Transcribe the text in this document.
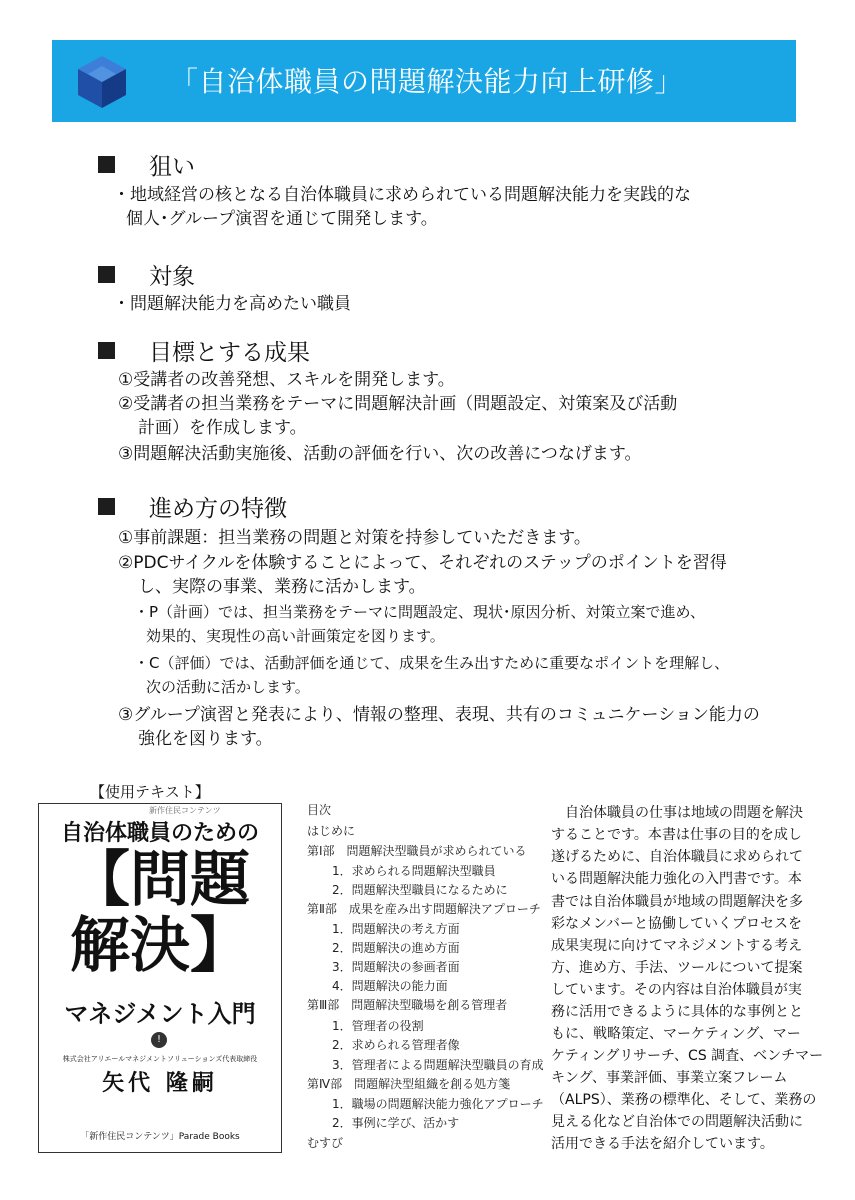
「自治体職員の問題解決能力向上研修」
狙い
対象
目標とする成果
進め方の特徴
・地域経営の核となる自治体職員に求められている問題解決能力を実践的な
個人･グループ演習を通じて開発します。
・問題解決能力を高めたい職員
①受講者の改善発想、スキルを開発します。
②受講者の担当業務をテーマに問題解決計画（問題設定、対策案及び活動
計画）を作成します。
③問題解決活動実施後、活動の評価を行い、次の改善につなげます。
①事前課題：担当業務の問題と対策を持参していただきます。
②PDCサイクルを体験することによって、それぞれのステップのポイントを習得
し、実際の事業、業務に活かします。
・P（計画）では、担当業務をテーマに問題設定、現状･原因分析、対策立案で進め、
効果的、実現性の高い計画策定を図ります。
・C（評価）では、活動評価を通じて、成果を生み出すために重要なポイントを理解し、
次の活動に活かします。
③グループ演習と発表により、情報の整理、表現、共有のコミュニケーション能力の
強化を図ります。
【使用テキスト】
新作住民コンテンツ
自治体職員のための
【問題
解決】
マネジメント入門
!
株式会社アリエールマネジメントソリューションズ代表取締役
矢代 隆嗣
「新作住民コンテンツ」Parade Books
目次
はじめに
第Ⅰ部　問題解決型職員が求められている
1．求められる問題解決型職員
2．問題解決型職員になるために
第Ⅱ部　成果を産み出す問題解決アプローチ
1．問題解決の考え方面
2．問題解決の進め方面
3．問題解決の参画者面
4．問題解決の能力面
第Ⅲ部　問題解決型職場を創る管理者
1．管理者の役割
2．求められる管理者像
3．管理者による問題解決型職員の育成
第Ⅳ部　問題解決型組織を創る処方箋
1．職場の問題解決能力強化アプローチ
2．事例に学び、活かす
むすび
　自治体職員の仕事は地域の問題を解決
することです。本書は仕事の目的を成し
遂げるために、自治体職員に求められて
いる問題解決能力強化の入門書です。本
書では自治体職員が地域の問題解決を多
彩なメンバーと協働していくプロセスを
成果実現に向けてマネジメントする考え
方、進め方、手法、ツールについて提案
しています。その内容は自治体職員が実
務に活用できるように具体的な事例とと
もに、戦略策定、マーケティング、マー
ケティングリサーチ、CS 調査、ベンチマー
キング、事業評価、事業立案フレーム
（ALPS）、業務の標準化、そして、業務の
見える化など自治体での問題解決活動に
活用できる手法を紹介しています。
